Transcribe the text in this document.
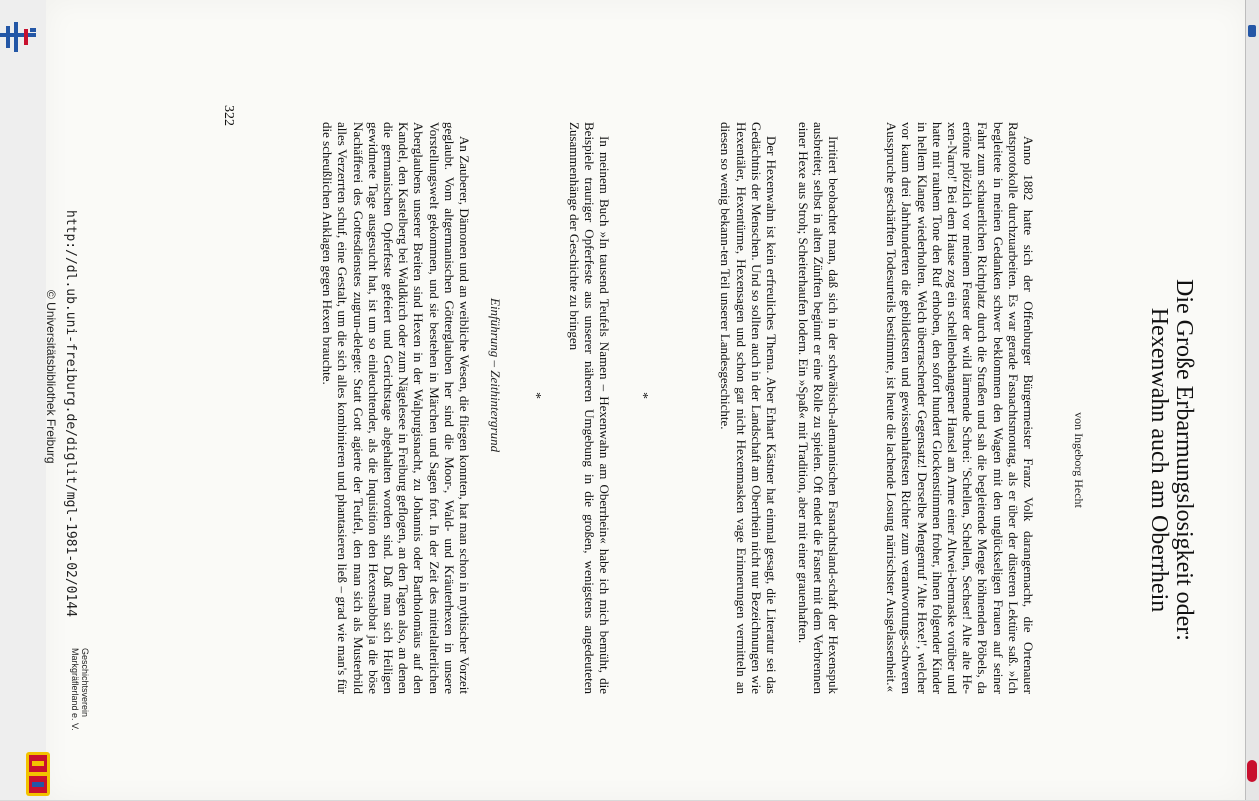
Die Große Erbarmungslosigkeit oder:
Hexenwahn auch am Oberrhein
von Ingeborg Hecht

Anno 1882 hatte sich der Offenburger Bürgermeister Franz Volk darangemacht, die Ortenauer Ratsprotokolle durchzuarbeiten. Es war gerade Fasnachtsmontag, als er über der düsteren Lektüre saß. »Ich begleitete in meinen Gedanken schwer beklommen den Wagen mit den unglückseligen Frauen auf seiner Fahrt zum schauerlichen Richtplatz durch die Straßen und sah die begleitende Menge höhnenden Pöbels, da ertönte plötzlich vor meinem Fenster der wild lärmende Schrei: 'Schellen, Schellen, Sechser! Alte alte He-xen-Narro!' Bei dem Hause zog ein schellenbehangener Hansel am Arme einer Altwei-bermaske vorüber und hatte mit rauhem Tone den Ruf erhoben, den sofort hundert Glockenstimmen froher, ihnen folgender Kinder in hellem Klange wiederholten. Welch überraschender Gegensatz! Derselbe Mengenruf 'Alte Hexe!', welcher vor kaum drei Jahrhunderten die gebildetsten und gewissenhaftesten Richter zum verantwortungs-schweren Ausspruche geschärften Todesurteils bestimmte, ist heute die lachende Losung närrischster Ausgelassenheit.«

Irritiert beobachtet man, daß sich in der schwäbisch-alemannischen Fasnachtsland-schaft der Hexenspuk ausbreitet; selbst in alten Zünften beginnt er eine Rolle zu spielen. Oft endet die Fasnet mit dem Verbrennen einer Hexe aus Stroh; Scheiterhaufen lodern. Ein »Spaß« mit Tradition, aber mit einer grauenhaften.

Der Hexenwahn ist kein erfreuliches Thema. Aber Erhart Kästner hat einmal gesagt, die Literatur sei das Gedächtnis der Menschen. Und so sollten auch in der Landschaft am Oberrhein nicht nur Bezeichnungen wie Hexentäler, Hexentürme, Hexensagen und schon gar nicht Hexenmasken vage Erinnerungen vermitteln an diesen so wenig bekann-ten Teil unserer Landesgeschichte.

*

In meinem Buch »In tausend Teufels Namen – Hexenwahn am Oberrhein« habe ich mich bemüht, die Beispiele trauriger Opferfeste aus unserer näheren Umgebung in die großen, wenigstens angedeuteten Zusammenhänge der Geschichte zu bringen

*
Einführung – Zeithintergrund

An Zauberer, Dämonen und an weibliche Wesen, die fliegen konnten, hat man schon in mythischer Vorzeit geglaubt. Vom altgermanischen Götterglauben her sind die Moor-, Wald- und Kräuterhexen in unsere Vorstellungswelt gekommen, und sie bestehen in Märchen und Sagen fort. In der Zeit des mittelalterlichen Aberglaubens unserer Breiten sind Hexen in der Walpurgisnacht, zu Johannis oder Bartholomäus auf den Kandel, den Kastelberg bei Waldkirch oder zum Nägelesee in Freiburg geflogen, an den Tagen also, an denen die germanischen Opferfeste gefeiert und Gerichtstage abgehalten worden sind. Daß man sich Heiligen gewidmete Tage ausgesucht hat, ist um so einleuchtender, als die Inquisition den Hexensabbat ja die böse Nachäfferei des Gottesdienstes zugrun-delegte: Statt Gott agierte der Teufel, den man sich als Musterbild alles Verzerrten schuf, eine Gestalt, um die sich alles kombinieren und phantasieren ließ – grad wie man's für die scheußlichen Anklagen gegen Hexen brauchte.

322
http://dl.ub.uni-freiburg.de/diglit/mgl-1981-02/0144
© Universitätsbibliothek Freiburg
Geschichtsverein
Markgräflerland e. V.
